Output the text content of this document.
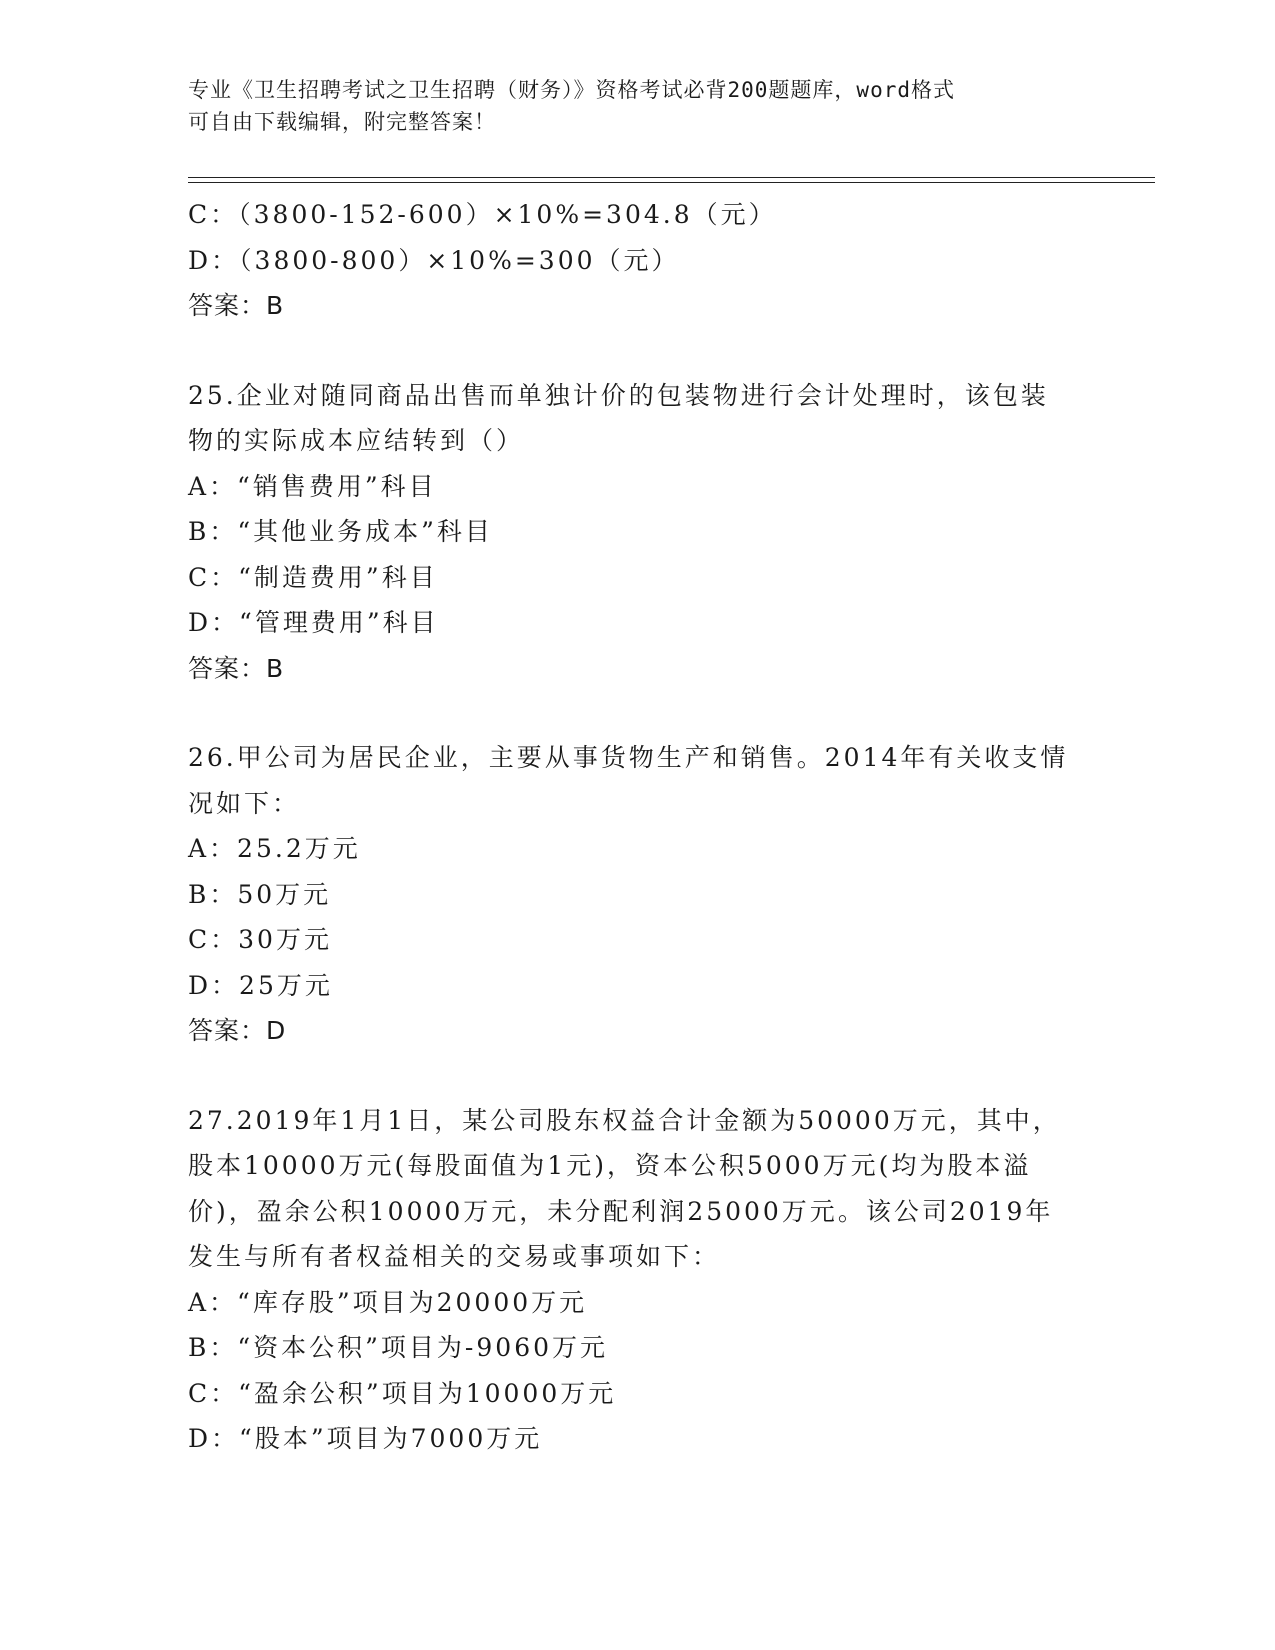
专业《卫生招聘考试之卫生招聘（财务）》资格考试必背200题题库，word格式
可自由下载编辑，附完整答案！
C：（3800-152-600）×10%=304.8（元）
D：（3800-800）×10%=300（元）
答案：B
25.企业对随同商品出售而单独计价的包装物进行会计处理时，该包装
物的实际成本应结转到（）
A：“销售费用”科目
B：“其他业务成本”科目
C：“制造费用”科目
D：“管理费用”科目
答案：B
26.甲公司为居民企业，主要从事货物生产和销售。2014年有关收支情
况如下：
A：25.2万元
B：50万元
C：30万元
D：25万元
答案：D
27.2019年1月1日，某公司股东权益合计金额为50000万元，其中，
股本10000万元(每股面值为1元)，资本公积5000万元(均为股本溢
价)，盈余公积10000万元，未分配利润25000万元。该公司2019年
发生与所有者权益相关的交易或事项如下：
A：“库存股”项目为20000万元
B：“资本公积”项目为-9060万元
C：“盈余公积”项目为10000万元
D：“股本”项目为7000万元
